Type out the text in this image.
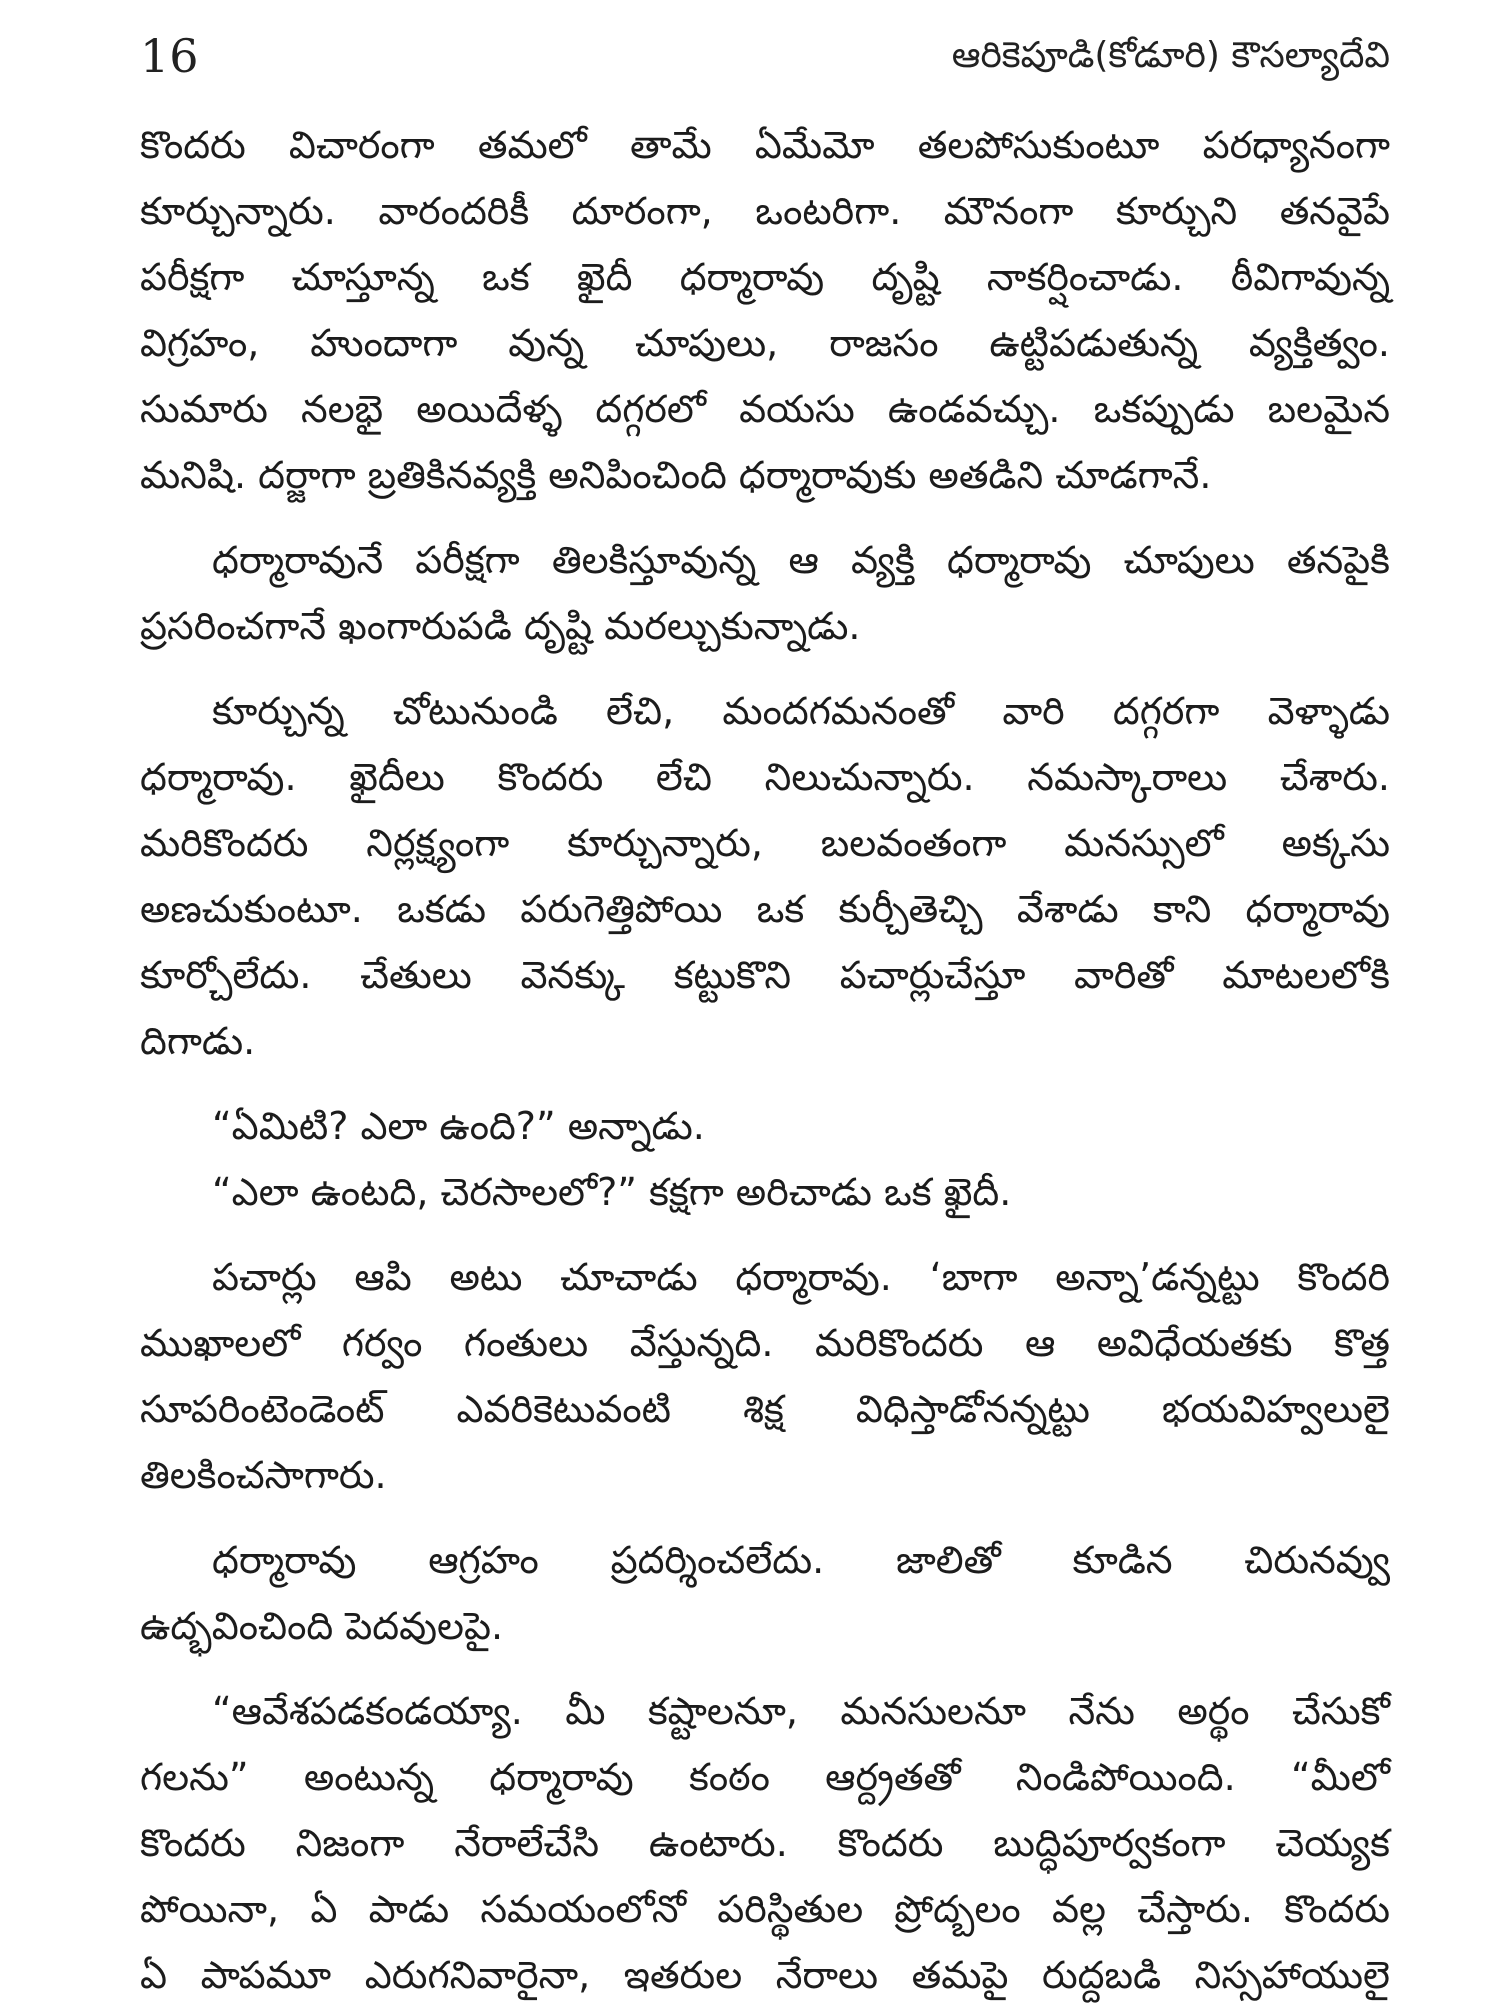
16	ఆరికెపూడి(కోడూరి) కౌసల్యాదేవి

కొందరు విచారంగా తమలో తామే ఏమేమో తలపోసుకుంటూ పరధ్యానంగా
కూర్చున్నారు. వారందరికీ దూరంగా, ఒంటరిగా. మౌనంగా కూర్చుని తనవైపే
పరీక్షగా చూస్తూన్న ఒక ఖైదీ ధర్మారావు దృష్టి నాకర్షించాడు. ఠీవిగావున్న
విగ్రహం, హుందాగా వున్న చూపులు, రాజసం ఉట్టిపడుతున్న వ్యక్తిత్వం.
సుమారు నలభై అయిదేళ్ళ దగ్గరలో వయసు ఉండవచ్చు. ఒకప్పుడు బలమైన
మనిషి. దర్జాగా బ్రతికినవ్యక్తి అనిపించింది ధర్మారావుకు అతడిని చూడగానే.

ధర్మారావునే పరీక్షగా తిలకిస్తూవున్న ఆ వ్యక్తి ధర్మారావు చూపులు తనపైకి
ప్రసరించగానే ఖంగారుపడి దృష్టి మరల్చుకున్నాడు.

కూర్చున్న చోటునుండి లేచి, మందగమనంతో వారి దగ్గరగా వెళ్ళాడు
ధర్మారావు. ఖైదీలు కొందరు లేచి నిలుచున్నారు. నమస్కారాలు చేశారు.
మరికొందరు నిర్లక్ష్యంగా కూర్చున్నారు, బలవంతంగా మనస్సులో అక్కసు
అణచుకుంటూ. ఒకడు పరుగెత్తిపోయి ఒక కుర్చీతెచ్చి వేశాడు కాని ధర్మారావు
కూర్చోలేదు. చేతులు వెనక్కు కట్టుకొని పచార్లుచేస్తూ వారితో మాటలలోకి
దిగాడు.

“ఏమిటి? ఎలా ఉంది?” అన్నాడు.

“ఎలా ఉంటది, చెరసాలలో?” కక్షగా అరిచాడు ఒక ఖైదీ.

పచార్లు ఆపి అటు చూచాడు ధర్మారావు. ‘బాగా అన్నా’డన్నట్టు కొందరి
ముఖాలలో గర్వం గంతులు వేస్తున్నది. మరికొందరు ఆ అవిధేయతకు కొత్త
సూపరింటెండెంట్ ఎవరికెటువంటి శిక్ష విధిస్తాడోనన్నట్టు భయవిహ్వలులై
తిలకించసాగారు.

ధర్మారావు ఆగ్రహం ప్రదర్శించలేదు. జాలితో కూడిన చిరునవ్వు
ఉద్భవించింది పెదవులపై.

“ఆవేశపడకండయ్యా. మీ కష్టాలనూ, మనసులనూ నేను అర్థం చేసుకో
గలను” అంటున్న ధర్మారావు కంఠం ఆర్ద్రతతో నిండిపోయింది. “మీలో
కొందరు నిజంగా నేరాలేచేసి ఉంటారు. కొందరు బుద్ధిపూర్వకంగా చెయ్యక
పోయినా, ఏ పాడు సమయంలోనో పరిస్థితుల ప్రోద్బలం వల్ల చేస్తారు. కొందరు
ఏ పాపమూ ఎరుగనివారైనా, ఇతరుల నేరాలు తమపై రుద్దబడి నిస్సహాయులై
